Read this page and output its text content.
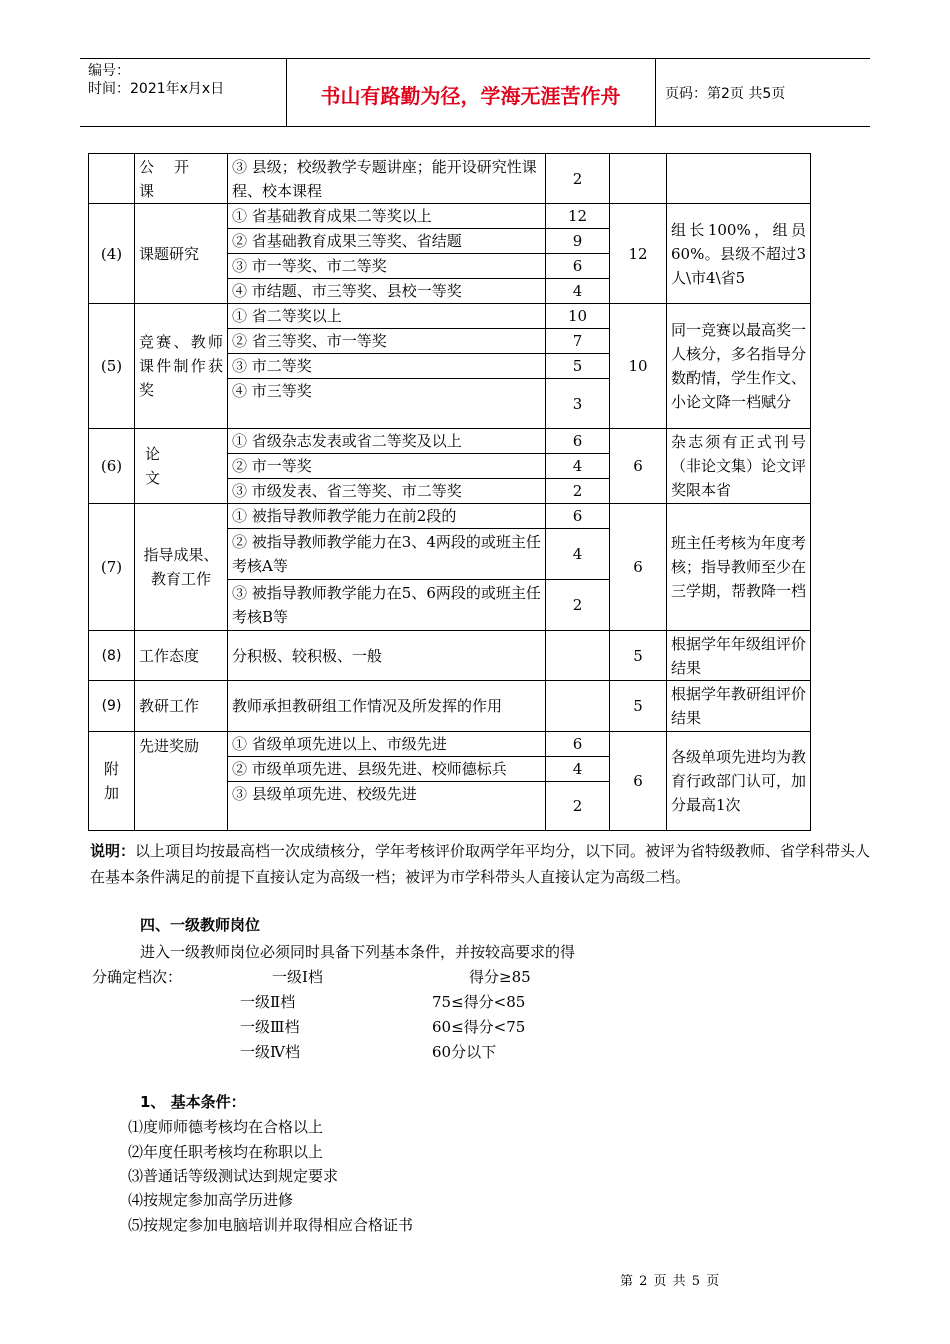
编号：
时间：2021年x月x日	书山有路勤为径，学海无涯苦作舟	页码：第2页 共5页
	公开课	③ 县级；校级教学专题讲座；能开设研究性课程、校本课程	2		
(4)	课题研究	① 省基础教育成果二等奖以上	12	12	组长100%，组员60%。县级不超过3人\市4\省5
		② 省基础教育成果三等奖、省结题	9		
		③ 市一等奖、市二等奖	6		
		④ 市结题、市三等奖、县校一等奖	4		
(5)	竞赛、教师课件制作获奖	① 省二等奖以上	10	10	同一竞赛以最高奖一人核分，多名指导分数酌情，学生作文、小论文降一档赋分
		② 省三等奖、市一等奖	7		
		③ 市二等奖	5		
		④ 市三等奖	3		
(6)	论文	① 省级杂志发表或省二等奖及以上	6	6	杂志须有正式刊号（非论文集）论文评奖限本省
		② 市一等奖	4		
		③ 市级发表、省三等奖、市二等奖	2		
(7)	指导成果、教育工作	① 被指导教师教学能力在前2段的	6	6	班主任考核为年度考核；指导教师至少在三学期，帮教降一档
		② 被指导教师教学能力在3、4两段的或班主任考核A等	4		
		③ 被指导教师教学能力在5、6两段的或班主任考核B等	2		
(8)	工作态度	分积极、较积极、一般		5	根据学年年级组评价结果
(9)	教研工作	教师承担教研组工作情况及所发挥的作用		5	根据学年教研组评价结果
附加	先进奖励	① 省级单项先进以上、市级先进	6	6	各级单项先进均为教育行政部门认可，加分最高1次
		② 市级单项先进、县级先进、校师德标兵	4		
		③ 县级单项先进、校级先进	2		
说明：以上项目均按最高档一次成绩核分，学年考核评价取两学年平均分，以下同。被评为省特级教师、省学科带头人在基本条件满足的前提下直接认定为高级一档；被评为市学科带头人直接认定为高级二档。
四、一级教师岗位
进入一级教师岗位必须同时具备下列基本条件，并按较高要求的得
分确定档次：	一级Ⅰ档	得分≥85
一级Ⅱ档	75≤得分<85
一级Ⅲ档	60≤得分<75
一级Ⅳ档	60分以下
1、 基本条件：
⑴度师师德考核均在合格以上
⑵年度任职考核均在称职以上
⑶普通话等级测试达到规定要求
⑷按规定参加高学历进修
⑸按规定参加电脑培训并取得相应合格证书
第 2 页 共 5 页
